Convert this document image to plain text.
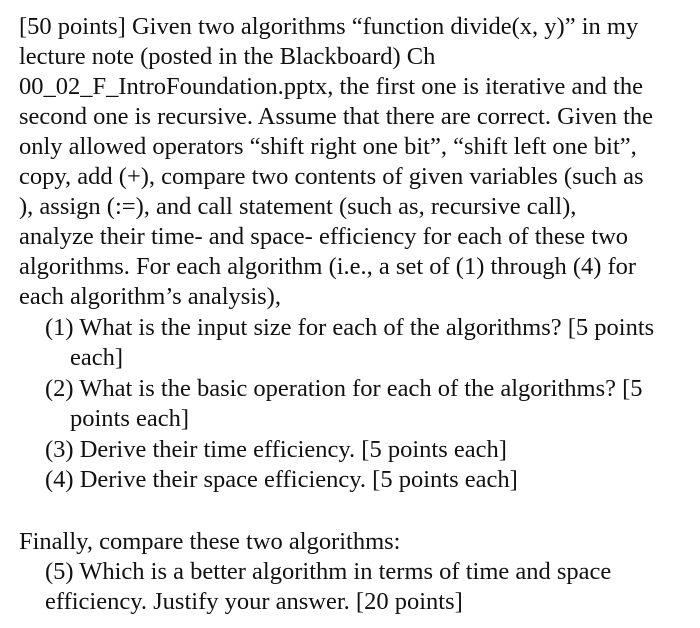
[50 points] Given two algorithms “function divide(x, y)” in my
lecture note (posted in the Blackboard) Ch
00_02_F_IntroFoundation.pptx, the first one is iterative and the
second one is recursive. Assume that there are correct. Given the
only allowed operators “shift right one bit”, “shift left one bit”,
copy, add (+), compare two contents of given variables (such as
), assign (:=), and call statement (such as, recursive call),
analyze their time- and space- efficiency for each of these two
algorithms. For each algorithm (i.e., a set of (1) through (4) for
each algorithm’s analysis),
(1) What is the input size for each of the algorithms? [5 points
each]
(2) What is the basic operation for each of the algorithms? [5
points each]
(3) Derive their time efficiency. [5 points each]
(4) Derive their space efficiency. [5 points each]
Finally, compare these two algorithms:
(5) Which is a better algorithm in terms of time and space
efficiency. Justify your answer. [20 points]
